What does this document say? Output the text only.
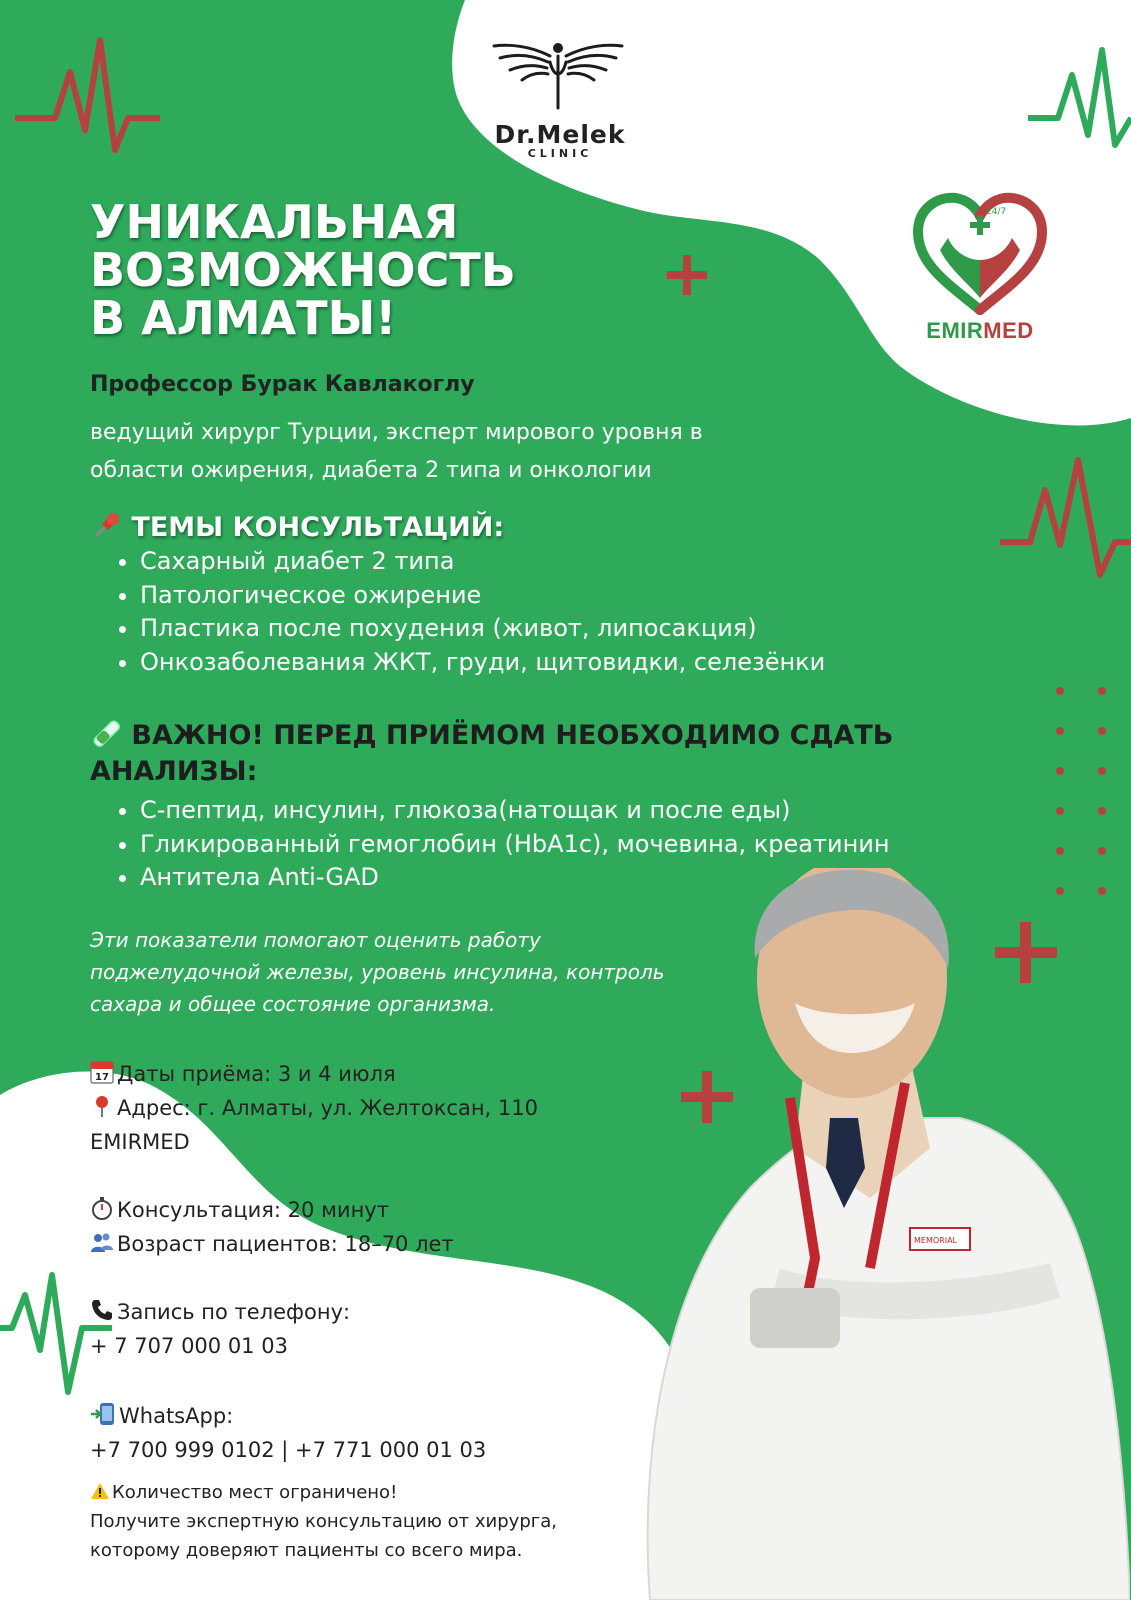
Dr.Melek
CLINIC
24/7
EMIRMED
УНИКАЛЬНАЯ
ВОЗМОЖНОСТЬ
В АЛМАТЫ!
Профессор Бурак Кавлакоглу
ведущий хирург Турции, эксперт мирового уровня в
области ожирения, диабета 2 типа и онкологии
ТЕМЫ КОНСУЛЬТАЦИЙ:
• Сахарный диабет 2 типа
• Патологическое ожирение
• Пластика после похудения (живот, липосакция)
• Онкозаболевания ЖКТ, груди, щитовидки, селезёнки
ВАЖНО! ПЕРЕД ПРИЁМОМ НЕОБХОДИМО СДАТЬ
АНАЛИЗЫ:
• С-пептид, инсулин, глюкоза(натощак и после еды)
• Гликированный гемоглобин (HbA1c), мочевина, креатинин
• Антитела Anti-GAD
Эти показатели помогают оценить работу
поджелудочной железы, уровень инсулина, контроль
сахара и общее состояние организма.
MEMORIAL
17 Даты приёма: 3 и 4 июля
Адрес: г. Алматы, ул. Желтоксан, 110
EMIRMED
Консультация: 20 минут
Возраст пациентов: 18–70 лет
Запись по телефону:
+ 7 707 000 01 03
WhatsApp:
+7 700 999 0102 | +7 771 000 01 03
Количество мест ограничено!
Получите экспертную консультацию от хирурга,
которому доверяют пациенты со всего мира.
